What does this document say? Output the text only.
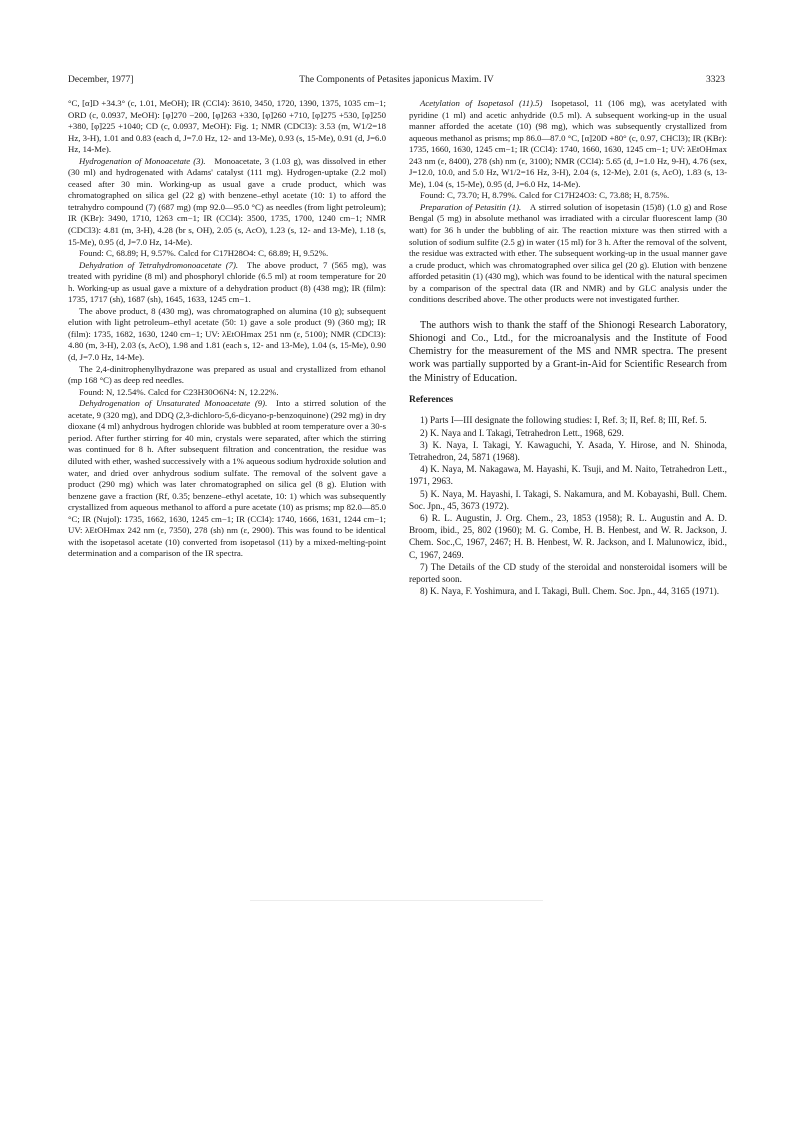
December, 1977]	The Components of Petasites japonicus Maxim. IV	3323

°C, [α]D +34.3° (c, 1.01, MeOH); IR (CCl4): 3610, 3450, 1720, 1390, 1375, 1035 cm−1; ORD (c, 0.0937, MeOH): [φ]270 −200, [φ]263 +330, [φ]260 +710, [φ]275 +530, [φ]250 +380, [φ]225 +1040; CD (c, 0.0937, MeOH): Fig. 1; NMR (CDCl3): 3.53 (m, W1/2=18 Hz, 3-H), 1.01 and 0.83 (each d, J=7.0 Hz, 12- and 13-Me), 0.93 (s, 15-Me), 0.91 (d, J=6.0 Hz, 14-Me).

Hydrogenation of Monoacetate (3).  Monoacetate, 3 (1.03 g), was dissolved in ether (30 ml) and hydrogenated with Adams' catalyst (111 mg). Hydrogen-uptake (2.2 mol) ceased after 30 min. Working-up as usual gave a crude product, which was chromatographed on silica gel (22 g) with benzene–ethyl acetate (10: 1) to afford the tetrahydro compound (7) (687 mg) (mp 92.0—95.0 °C) as needles (from light petroleum); IR (KBr): 3490, 1710, 1263 cm−1; IR (CCl4): 3500, 1735, 1700, 1240 cm−1; NMR (CDCl3): 4.81 (m, 3-H), 4.28 (br s, OH), 2.05 (s, AcO), 1.23 (s, 12- and 13-Me), 1.18 (s, 15-Me), 0.95 (d, J=7.0 Hz, 14-Me).

Found: C, 68.89; H, 9.57%. Calcd for C17H28O4: C, 68.89; H, 9.52%.

Dehydration of Tetrahydromonoacetate (7).  The above product, 7 (565 mg), was treated with pyridine (8 ml) and phosphoryl chloride (6.5 ml) at room temperature for 20 h. Working-up as usual gave a mixture of a dehydration product (8) (438 mg); IR (film): 1735, 1717 (sh), 1687 (sh), 1645, 1633, 1245 cm−1.

The above product, 8 (430 mg), was chromatographed on alumina (10 g); subsequent elution with light petroleum–ethyl acetate (50: 1) gave a sole product (9) (360 mg); IR (film): 1735, 1682, 1630, 1240 cm−1; UV: λEtOHmax 251 nm (ε, 5100); NMR (CDCl3): 4.80 (m, 3-H), 2.03 (s, AcO), 1.98 and 1.81 (each s, 12- and 13-Me), 1.04 (s, 15-Me), 0.90 (d, J=7.0 Hz, 14-Me).

The 2,4-dinitrophenylhydrazone was prepared as usual and crystallized from ethanol (mp 168 °C) as deep red needles.

Found: N, 12.54%. Calcd for C23H30O6N4: N, 12.22%.

Dehydrogenation of Unsaturated Monoacetate (9).  Into a stirred solution of the acetate, 9 (320 mg), and DDQ (2,3-dichloro-5,6-dicyano-p-benzoquinone) (292 mg) in dry dioxane (4 ml) anhydrous hydrogen chloride was bubbled at room temperature over a 30-s period. After further stirring for 40 min, crystals were separated, after which the stirring was continued for 8 h. After subsequent filtration and concentration, the residue was diluted with ether, washed successively with a 1% aqueous sodium hydroxide solution and water, and dried over anhydrous sodium sulfate. The removal of the solvent gave a product (290 mg) which was later chromatographed on silica gel (8 g). Elution with benzene gave a fraction (Rf, 0.35; benzene–ethyl acetate, 10: 1) which was subsequently crystallized from aqueous methanol to afford a pure acetate (10) as prisms; mp 82.0—85.0 °C; IR (Nujol): 1735, 1662, 1630, 1245 cm−1; IR (CCl4): 1740, 1666, 1631, 1244 cm−1; UV: λEtOHmax 242 nm (ε, 7350), 278 (sh) nm (ε, 2900). This was found to be identical with the isopetasol acetate (10) converted from isopetasol (11) by a mixed-melting-point determination and a comparison of the IR spectra.

Acetylation of Isopetasol (11).5)  Isopetasol, 11 (106 mg), was acetylated with pyridine (1 ml) and acetic anhydride (0.5 ml). A subsequent working-up in the usual manner afforded the acetate (10) (98 mg), which was subsequently crystallized from aqueous methanol as prisms; mp 86.0—87.0 °C, [α]20D +80° (c, 0.97, CHCl3); IR (KBr): 1735, 1660, 1630, 1245 cm−1; IR (CCl4): 1740, 1660, 1630, 1245 cm−1; UV: λEtOHmax 243 nm (ε, 8400), 278 (sh) nm (ε, 3100); NMR (CCl4): 5.65 (d, J=1.0 Hz, 9-H), 4.76 (sex, J=12.0, 10.0, and 5.0 Hz, W1/2=16 Hz, 3-H), 2.04 (s, 12-Me), 2.01 (s, AcO), 1.83 (s, 13-Me), 1.04 (s, 15-Me), 0.95 (d, J=6.0 Hz, 14-Me).

Found: C, 73.70; H, 8.79%. Calcd for C17H24O3: C, 73.88; H, 8.75%.

Preparation of Petasitin (1).  A stirred solution of isopetasin (15)8) (1.0 g) and Rose Bengal (5 mg) in absolute methanol was irradiated with a circular fluorescent lamp (30 watt) for 36 h under the bubbling of air. The reaction mixture was then stirred with a solution of sodium sulfite (2.5 g) in water (15 ml) for 3 h. After the removal of the solvent, the residue was extracted with ether. The subsequent working-up in the usual manner gave a crude product, which was chromatographed over silica gel (20 g). Elution with benzene afforded petasitin (1) (430 mg), which was found to be identical with the natural specimen by a comparison of the spectral data (IR and NMR) and by GLC analysis under the conditions described above. The other products were not investigated further.

The authors wish to thank the staff of the Shionogi Research Laboratory, Shionogi and Co., Ltd., for the microanalysis and the Institute of Food Chemistry for the measurement of the MS and NMR spectra. The present work was partially supported by a Grant-in-Aid for Scientific Research from the Ministry of Education.

References

1) Parts I—III designate the following studies: I, Ref. 3; II, Ref. 8; III, Ref. 5.

2) K. Naya and I. Takagi, Tetrahedron Lett., 1968, 629.

3) K. Naya, I. Takagi, Y. Kawaguchi, Y. Asada, Y. Hirose, and N. Shinoda, Tetrahedron, 24, 5871 (1968).

4) K. Naya, M. Nakagawa, M. Hayashi, K. Tsuji, and M. Naito, Tetrahedron Lett., 1971, 2963.

5) K. Naya, M. Hayashi, I. Takagi, S. Nakamura, and M. Kobayashi, Bull. Chem. Soc. Jpn., 45, 3673 (1972).

6) R. L. Augustin, J. Org. Chem., 23, 1853 (1958); R. L. Augustin and A. D. Broom, ibid., 25, 802 (1960); M. G. Combe, H. B. Henbest, and W. R. Jackson, J. Chem. Soc.,C, 1967, 2467; H. B. Henbest, W. R. Jackson, and I. Malunowicz, ibid., C, 1967, 2469.

7) The Details of the CD study of the steroidal and nonsteroidal isomers will be reported soon.

8) K. Naya, F. Yoshimura, and I. Takagi, Bull. Chem. Soc. Jpn., 44, 3165 (1971).
